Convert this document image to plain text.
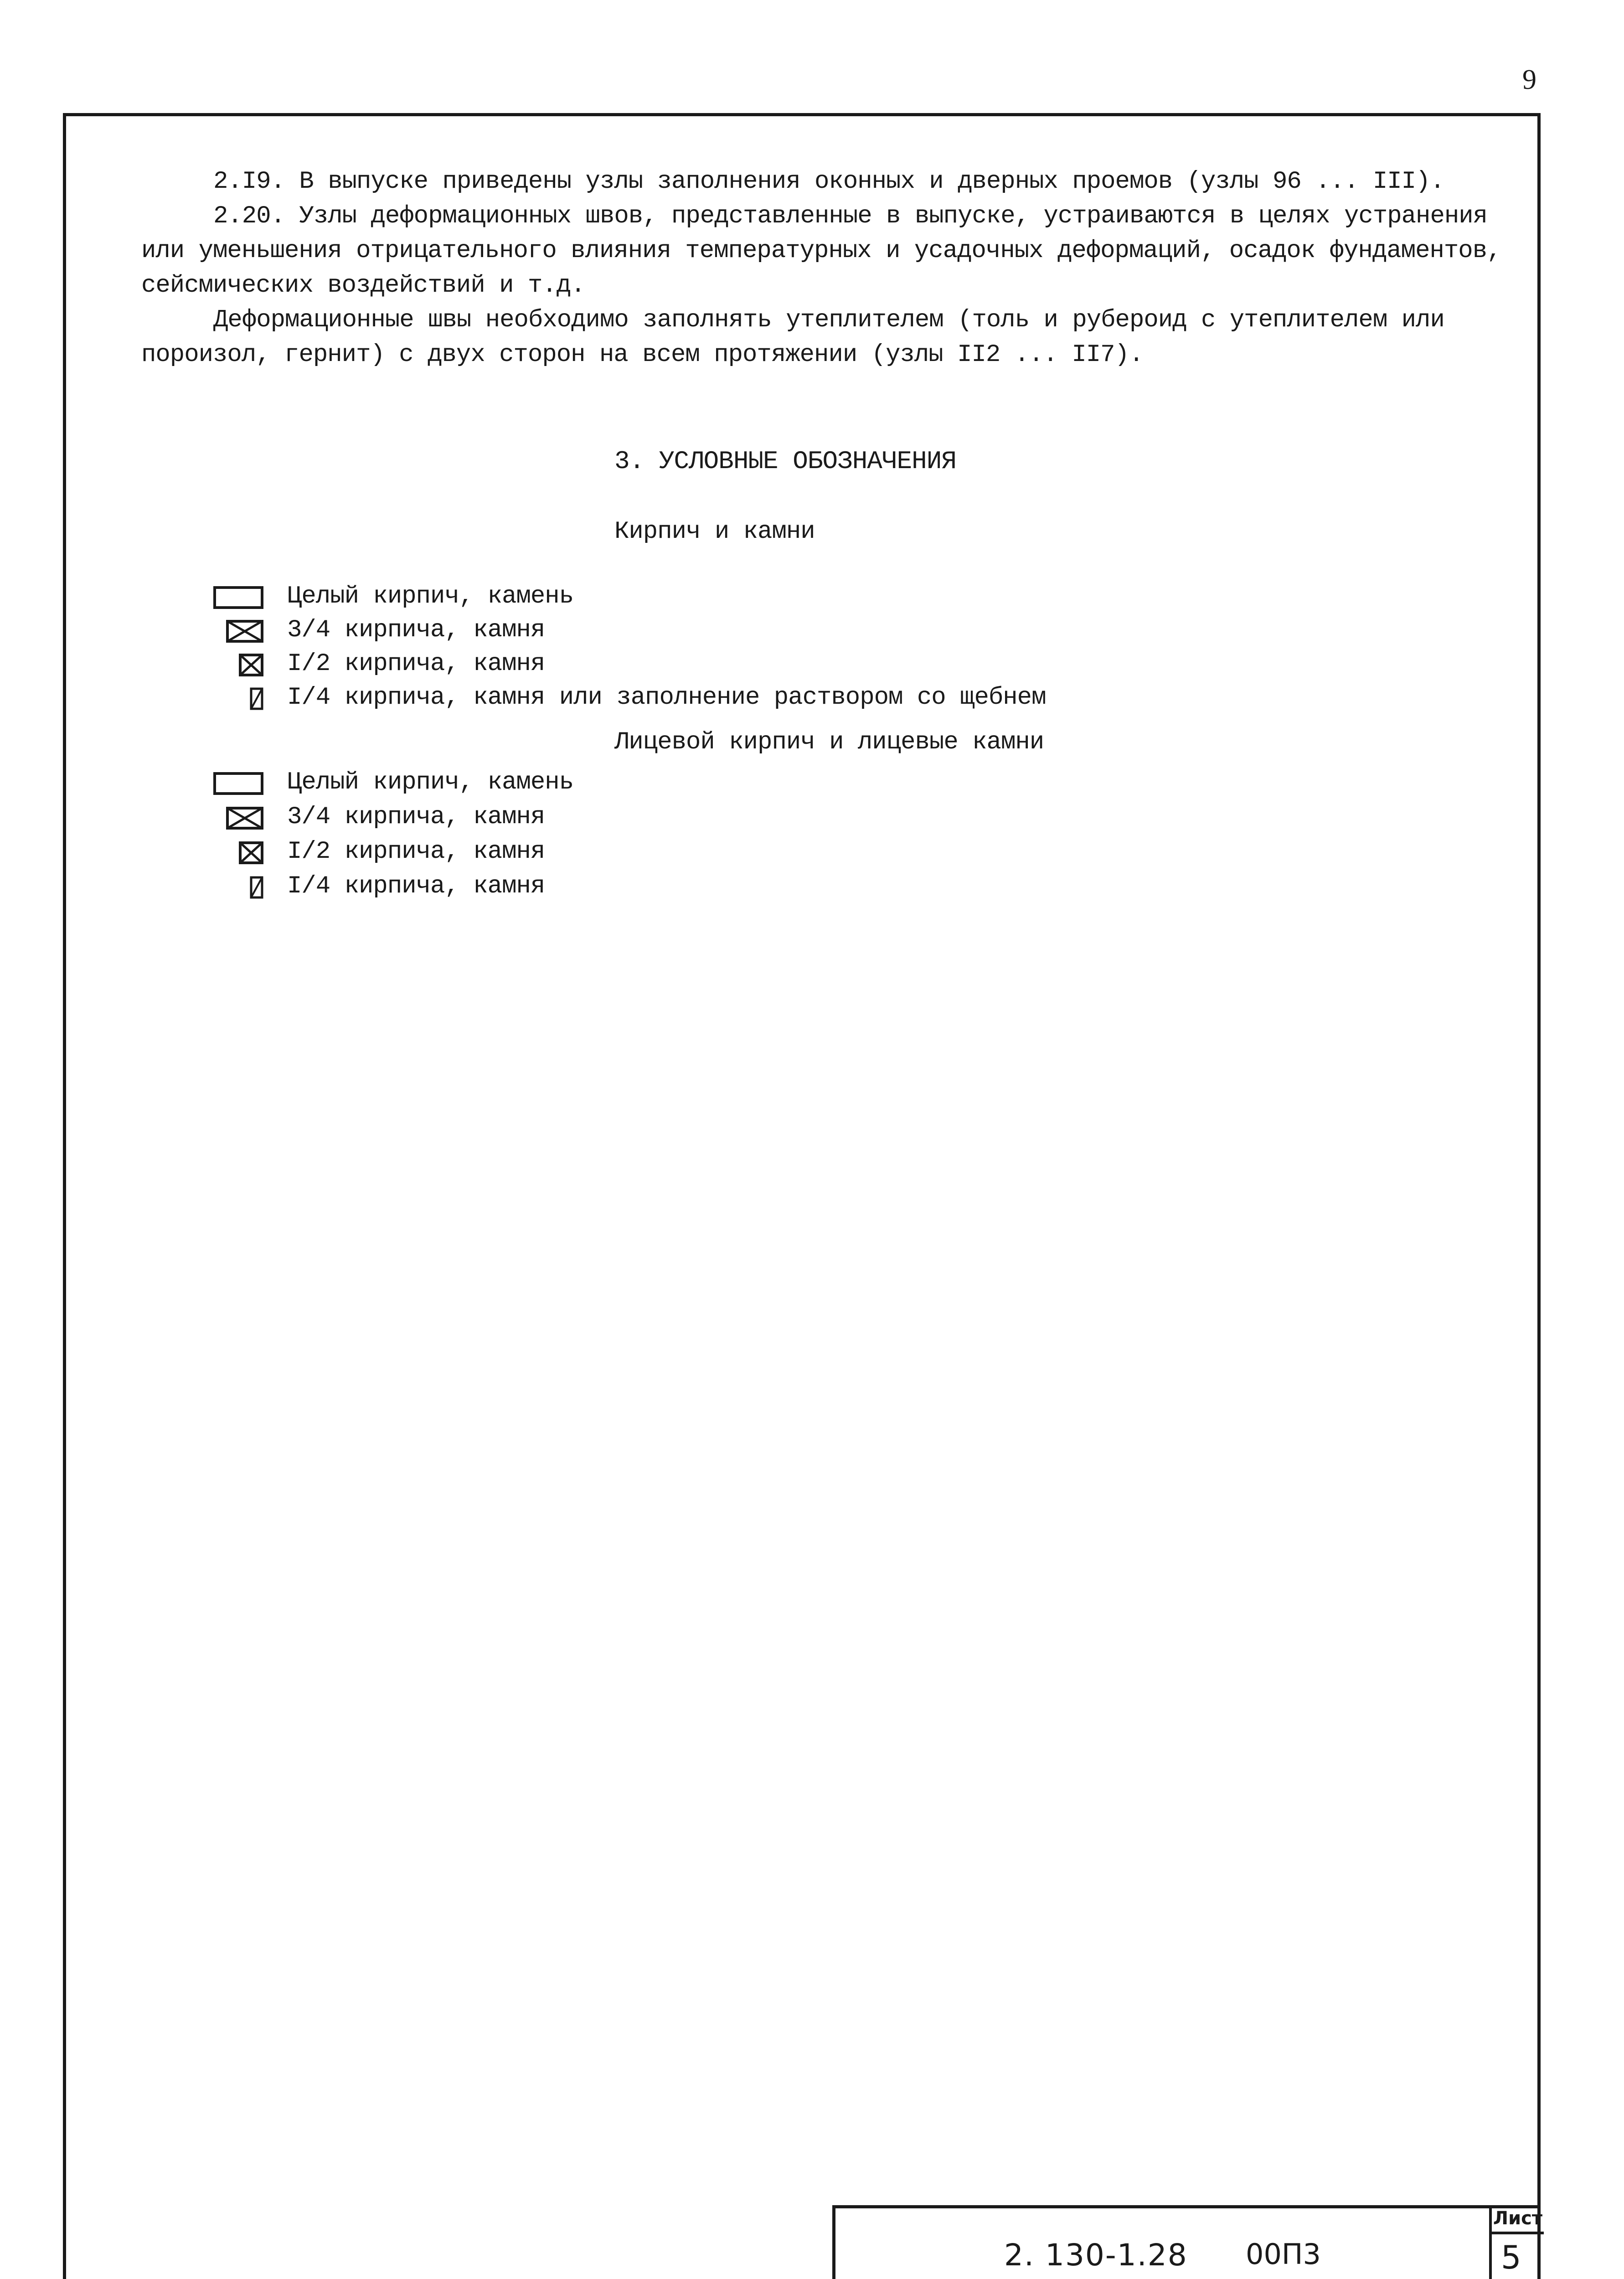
9
2.I9. В выпуске приведены узлы заполнения оконных и дверных проемов (узлы 96 ... III).
2.20. Узлы деформационных швов, представленные в выпуске, устраиваются в целях устранения
или уменьшения отрицательного влияния температурных и усадочных деформаций, осадок фундаментов,
сейсмических воздействий и т.д.
Деформационные швы необходимо заполнять утеплителем (толь и рубероид с утеплителем или
пороизол, гернит) с двух сторон на всем протяжении (узлы II2 ... II7).
3. УСЛОВНЫЕ ОБОЗНАЧЕНИЯ
Кирпич и камни
Целый кирпич, камень
3/4 кирпича, камня
I/2 кирпича, камня
I/4 кирпича, камня или заполнение раствором со щебнем
Лицевой кирпич и лицевые камни
Целый кирпич, камень
3/4 кирпича, камня
I/2 кирпича, камня
I/4 кирпича, камня
2. 130-1.28 00П3
Лист
5
